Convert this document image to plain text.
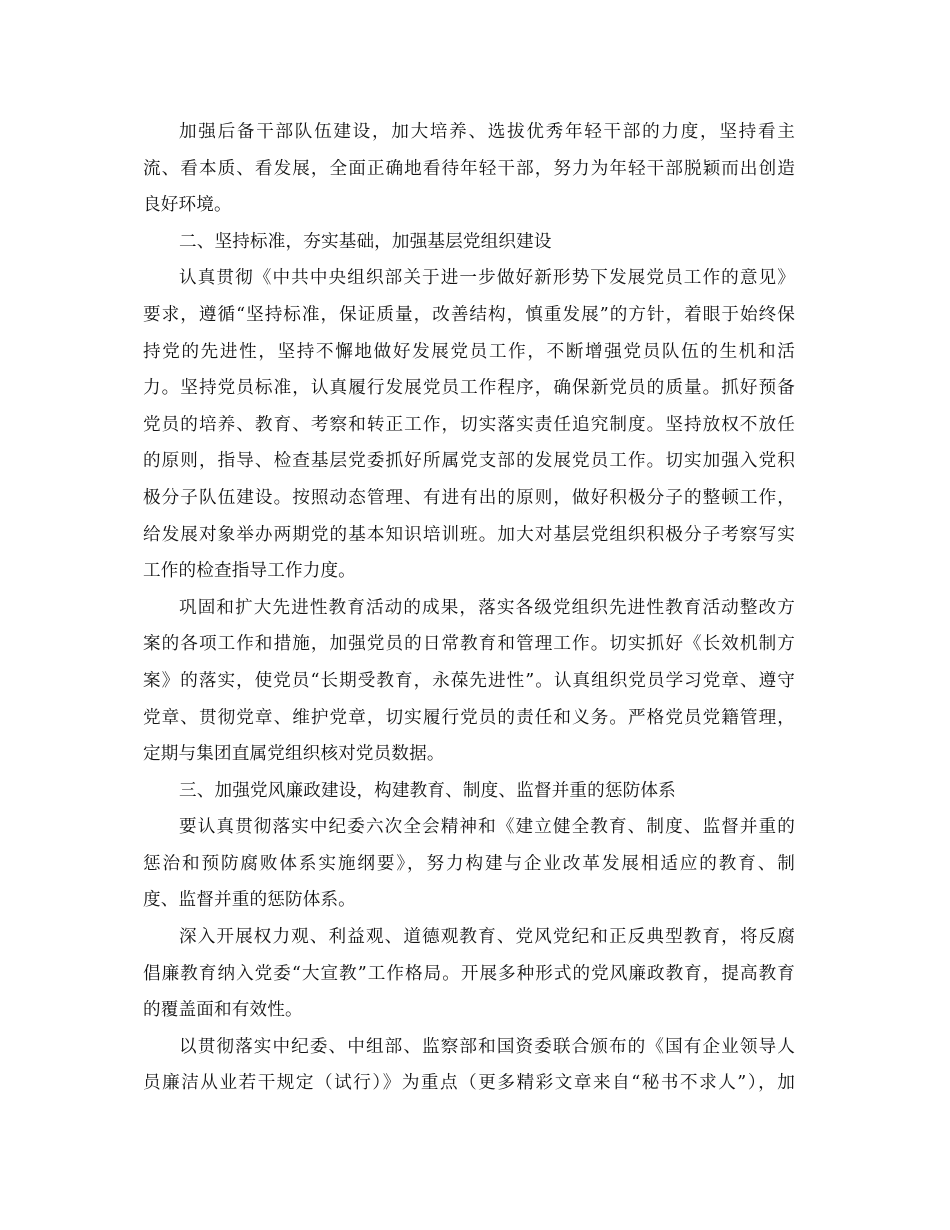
加强后备干部队伍建设，加大培养、选拔优秀年轻干部的力度，坚持看主
流、看本质、看发展，全面正确地看待年轻干部，努力为年轻干部脱颖而出创造
良好环境。
二、坚持标准，夯实基础，加强基层党组织建设
认真贯彻《中共中央组织部关于进一步做好新形势下发展党员工作的意见》
要求，遵循“坚持标准，保证质量，改善结构，慎重发展”的方针，着眼于始终保
持党的先进性，坚持不懈地做好发展党员工作，不断增强党员队伍的生机和活
力。坚持党员标准，认真履行发展党员工作程序，确保新党员的质量。抓好预备
党员的培养、教育、考察和转正工作，切实落实责任追究制度。坚持放权不放任
的原则，指导、检查基层党委抓好所属党支部的发展党员工作。切实加强入党积
极分子队伍建设。按照动态管理、有进有出的原则，做好积极分子的整顿工作，
给发展对象举办两期党的基本知识培训班。加大对基层党组织积极分子考察写实
工作的检查指导工作力度。
巩固和扩大先进性教育活动的成果，落实各级党组织先进性教育活动整改方
案的各项工作和措施，加强党员的日常教育和管理工作。切实抓好《长效机制方
案》的落实，使党员“长期受教育，永葆先进性”。认真组织党员学习党章、遵守
党章、贯彻党章、维护党章，切实履行党员的责任和义务。严格党员党籍管理，
定期与集团直属党组织核对党员数据。
三、加强党风廉政建设，构建教育、制度、监督并重的惩防体系
要认真贯彻落实中纪委六次全会精神和《建立健全教育、制度、监督并重的
惩治和预防腐败体系实施纲要》，努力构建与企业改革发展相适应的教育、制
度、监督并重的惩防体系。
深入开展权力观、利益观、道德观教育、党风党纪和正反典型教育，将反腐
倡廉教育纳入党委“大宣教”工作格局。开展多种形式的党风廉政教育，提高教育
的覆盖面和有效性。
以贯彻落实中纪委、中组部、监察部和国资委联合颁布的《国有企业领导人
员廉洁从业若干规定（试行）》为重点（更多精彩文章来自“秘书不求人”），加
